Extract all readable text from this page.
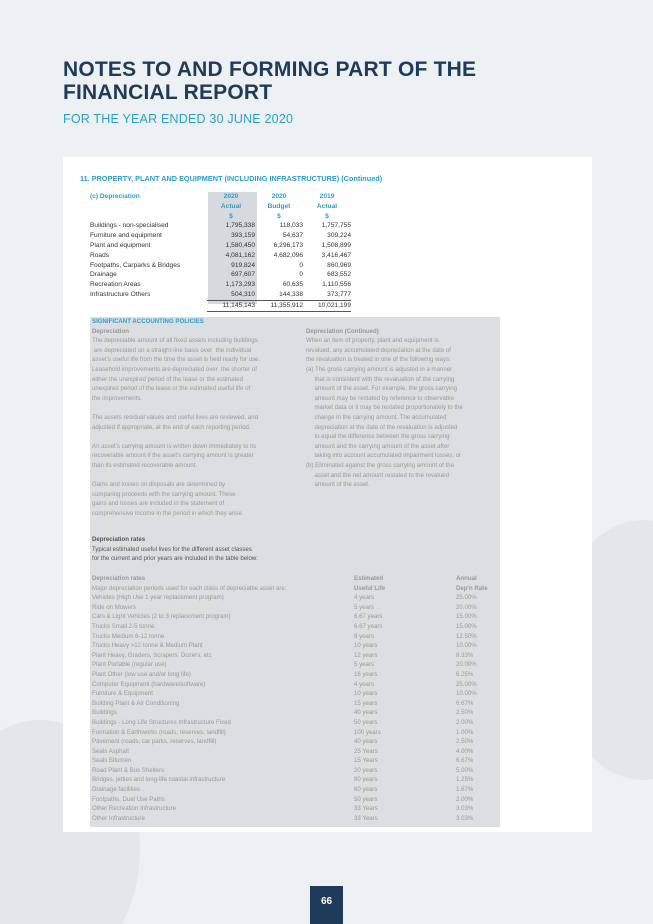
NOTES TO AND FORMING PART OF THE
FINANCIAL REPORT
FOR THE YEAR ENDED 30 JUNE 2020
11. PROPERTY, PLANT AND EQUIPMENT (INCLUDING INFRASTRUCTURE) (Continued)
(c) Depreciation	2020	2020	2019
Actual	Budget	Actual
$	$	$
Buildings - non-specialised	1,795,338	118,033	1,757,755
Furniture and equipment	393,159	54,637	309,224
Plant and equipment	1,580,450	6,296,173	1,508,899
Roads	4,081,162	4,682,096	3,416,467
Footpaths, Carparks & Bridges	919,824	0	860,969
Drainage	697,607	0	683,552
Recreation Areas	1,173,293	60,635	1,110,556
Infrastructure Others	504,310	144,338	373,777
11,145,143	11,355,912	10,021,199

SIGNIFICANT ACCOUNTING POLICIES

Depreciation

The depreciable amount of all fixed assets including buildings

are depreciated on a straight-line basis over  the individual

asset's useful life from the time the asset is held ready for use.

Leasehold improvements are depreciated over  the shorter of

either the unexpired period of the lease or the estimated

unexpired period of the lease or the estimated useful life of

the improvements.

The assets residual values and useful lives are reviewed, and

adjusted if appropriate, at the end of each reporting period.

An asset's carrying amount is written down immediately to its

recoverable amount if the asset's carrying amount is greater

than its estimated recoverable amount.

Gains and losses on disposals are determined by

comparing proceeds with the carrying amount. These

gains and losses are included in the statement of

comprehensive income in the period in which they arise.

Depreciation (Continued)

When an item of property, plant and equipment is

revalued, any accumulated depreciation at the date of

the revaluation is treated in one of the following ways:

(a) The gross carrying amount is adjusted in a manner

that is consistent with the revaluation of the carrying

amount of the asset. For example, the gross carrying

amount may be restated by reference to observable

market data or it may be restated proportionately to the

change in the carrying amount. The accumulated

depreciation at the date of the revaluation is adjusted

to equal the difference between the gross carrying

amount and the carrying amount of the asset after

taking into account accumulated impairment losses; or

(b) Eliminated against the gross carrying amount of the

asset and the net amount restated to the revalued

amount of the asset.

Depreciation rates

Typical estimated useful lives for the different asset classes

for the current and prior years are included in the table below:

Depreciation rates	Estimated	Annual
Major depreciation periods used for each class of depreciable asset are:	Useful Life	Dep'n Rate
Vehicles (High Use 1 year replacement program)	4 years	25.00%
Ride on Mowers	5 years	20.00%
Cars & Light Vehicles (2 to 3 replacement program)	6.67 years	15.00%
Trucks Small 2-5 tonne	6.67 years	15.00%
Trucks Medium 6-12 tonne	8 years	12.50%
Trucks Heavy >12 tonne & Medium Plant	10 years	10.00%
Plant Heavy, Graders, Scrapers, Dozers, etc	12 years	8.33%
Plant Portable (regular use)	5 years	20.00%
Plant Other (low use and/or long life)	16 years	6.25%
Computer Equipment (hardware/software)	4 years	25.00%
Furniture & Equipment	10 years	10.00%
Building Plant & Air Conditioning	15 years	6.67%
Buildings	40 years	2.50%
Buildings - Long Life Structures Infrastructure Fixed	50 years	2.00%
Formation & Earthworks (roads, reserves, landfill)	100 years	1.00%
Pavement (roads, car parks, reserves, landfill)	40 years	2.50%
Seals Asphalt	25 Years	4.00%
Seals Bitumen	15 Years	6.67%
Road Plant & Bus Shelters	20 years	5.00%
Bridges, jetties and long-life coastal infrastructure	80 years	1.25%
Drainage facilities	60 years	1.67%
Footpaths, Dual Use Paths	50 years	2.00%
Other Recreation Infrastructure	33 Years	3.03%
Other Infrastructure	33 Years	3.03%
66
